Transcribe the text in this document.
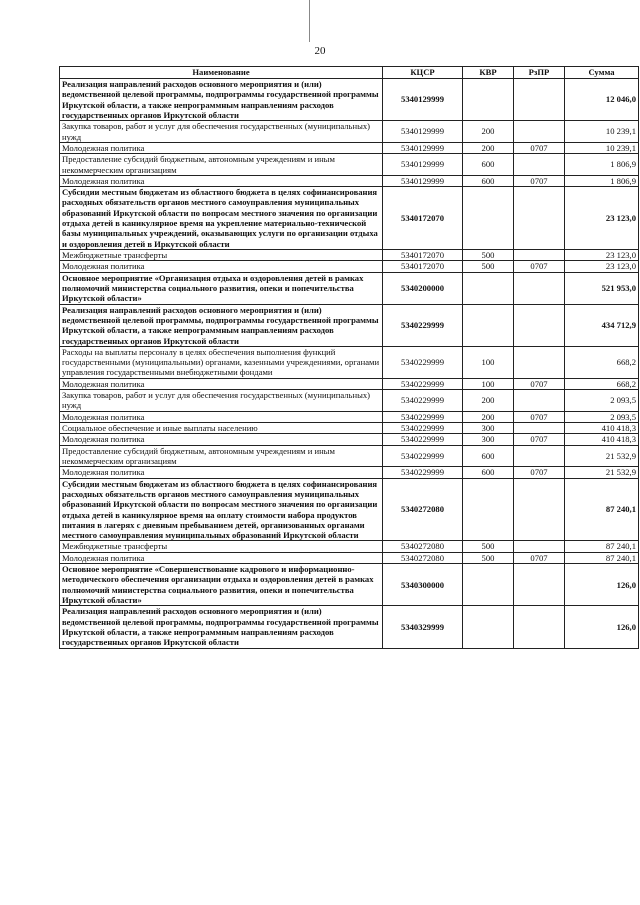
20
Наименование	КЦСР	КВР	РзПР	Сумма
Реализация направлений расходов основного мероприятия и (или) ведомственной целевой программы, подпрограммы государственной программы Иркутской области, а также непрограммным направлениям расходов государственных органов Иркутской области	5340129999			12 046,0
Закупка товаров, работ и услуг для обеспечения государственных (муниципальных) нужд	5340129999	200		10 239,1
Молодежная политика	5340129999	200	0707	10 239,1
Предоставление субсидий бюджетным, автономным учреждениям и иным некоммерческим организациям	5340129999	600		1 806,9
Молодежная политика	5340129999	600	0707	1 806,9
Субсидии местным бюджетам из областного бюджета в целях софинансирования расходных обязательств органов местного самоуправления муниципальных образований Иркутской области по вопросам местного значения по организации отдыха детей в каникулярное время на укрепление материально-технической базы муниципальных учреждений, оказывающих услуги по организации отдыха и оздоровления детей в Иркутской области	5340172070			23 123,0
Межбюджетные трансферты	5340172070	500		23 123,0
Молодежная политика	5340172070	500	0707	23 123,0
Основное мероприятие «Организация отдыха и оздоровления детей в рамках полномочий министерства социального развития, опеки и попечительства Иркутской области»	5340200000			521 953,0
Реализация направлений расходов основного мероприятия и (или) ведомственной целевой программы, подпрограммы государственной программы Иркутской области, а также непрограммным направлениям расходов государственных органов Иркутской области	5340229999			434 712,9
Расходы на выплаты персоналу в целях обеспечения выполнения функций государственными (муниципальными) органами, казенными учреждениями, органами управления государственными внебюджетными фондами	5340229999	100		668,2
Молодежная политика	5340229999	100	0707	668,2
Закупка товаров, работ и услуг для обеспечения государственных (муниципальных) нужд	5340229999	200		2 093,5
Молодежная политика	5340229999	200	0707	2 093,5
Социальное обеспечение и иные выплаты населению	5340229999	300		410 418,3
Молодежная политика	5340229999	300	0707	410 418,3
Предоставление субсидий бюджетным, автономным учреждениям и иным некоммерческим организациям	5340229999	600		21 532,9
Молодежная политика	5340229999	600	0707	21 532,9
Субсидии местным бюджетам из областного бюджета в целях софинансирования расходных обязательств органов местного самоуправления муниципальных образований Иркутской области по вопросам местного значения по организации отдыха детей в каникулярное время на оплату стоимости набора продуктов питания в лагерях с дневным пребыванием детей, организованных органами местного самоуправления муниципальных образований Иркутской области	5340272080			87 240,1
Межбюджетные трансферты	5340272080	500		87 240,1
Молодежная политика	5340272080	500	0707	87 240,1
Основное мероприятие «Совершенствование кадрового и информационно-методического обеспечения организации отдыха и оздоровления детей в рамках полномочий министерства социального развития, опеки и попечительства Иркутской области»	5340300000			126,0
Реализация направлений расходов основного мероприятия и (или) ведомственной целевой программы, подпрограммы государственной программы Иркутской области, а также непрограммным направлениям расходов государственных органов Иркутской области	5340329999			126,0
